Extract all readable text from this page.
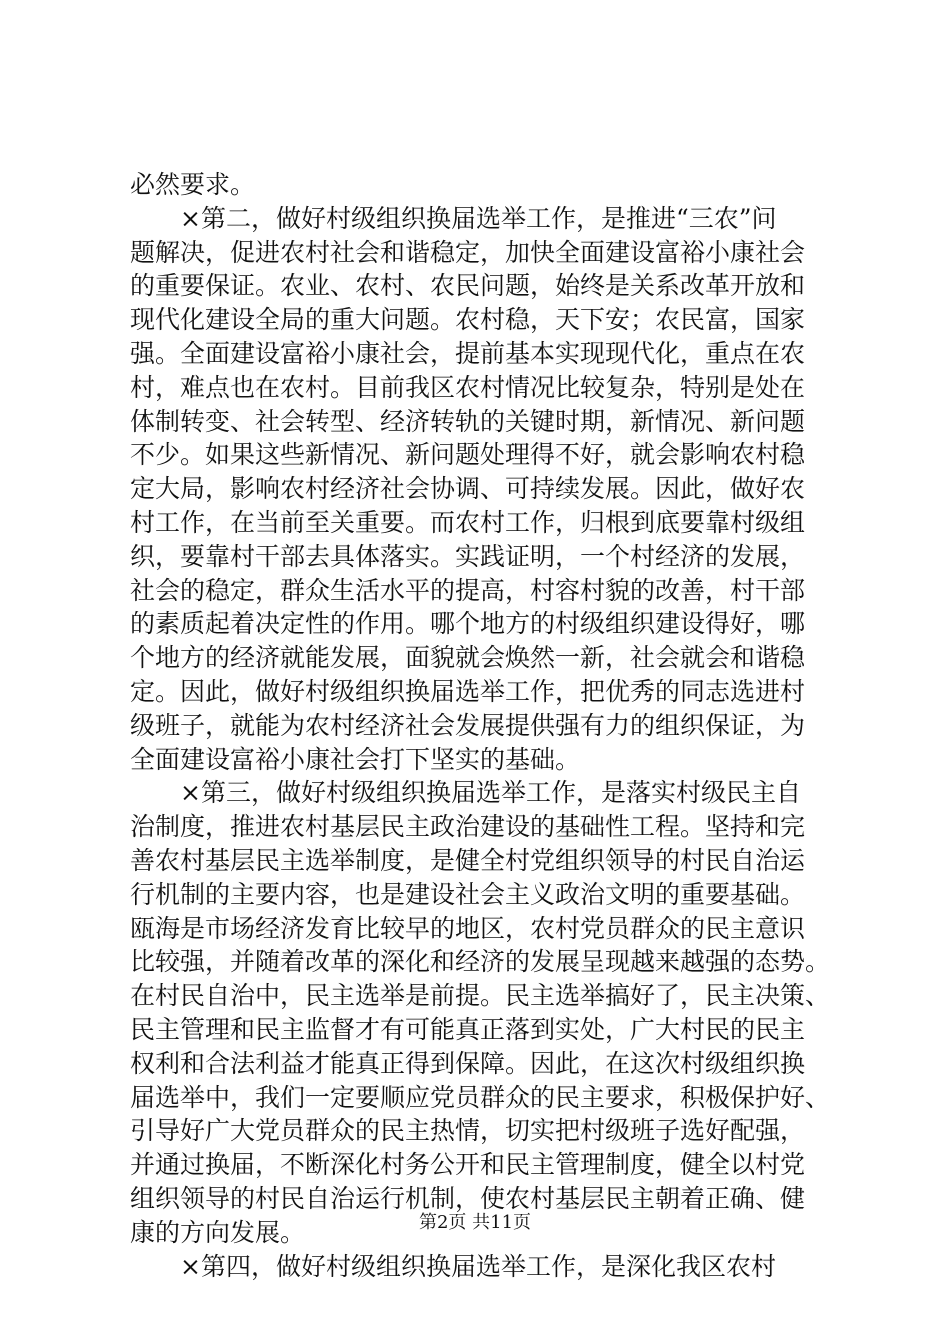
必然要求。
×第二，做好村级组织换届选举工作，是推进“三农”问
题解决，促进农村社会和谐稳定，加快全面建设富裕小康社会
的重要保证。农业、农村、农民问题，始终是关系改革开放和
现代化建设全局的重大问题。农村稳，天下安；农民富，国家
强。全面建设富裕小康社会，提前基本实现现代化，重点在农
村，难点也在农村。目前我区农村情况比较复杂，特别是处在
体制转变、社会转型、经济转轨的关键时期，新情况、新问题
不少。如果这些新情况、新问题处理得不好，就会影响农村稳
定大局，影响农村经济社会协调、可持续发展。因此，做好农
村工作，在当前至关重要。而农村工作，归根到底要靠村级组
织，要靠村干部去具体落实。实践证明，一个村经济的发展，
社会的稳定，群众生活水平的提高，村容村貌的改善，村干部
的素质起着决定性的作用。哪个地方的村级组织建设得好，哪
个地方的经济就能发展，面貌就会焕然一新，社会就会和谐稳
定。因此，做好村级组织换届选举工作，把优秀的同志选进村
级班子，就能为农村经济社会发展提供强有力的组织保证，为
全面建设富裕小康社会打下坚实的基础。
×第三，做好村级组织换届选举工作，是落实村级民主自
治制度，推进农村基层民主政治建设的基础性工程。坚持和完
善农村基层民主选举制度，是健全村党组织领导的村民自治运
行机制的主要内容，也是建设社会主义政治文明的重要基础。
瓯海是市场经济发育比较早的地区，农村党员群众的民主意识
比较强，并随着改革的深化和经济的发展呈现越来越强的态势。
在村民自治中，民主选举是前提。民主选举搞好了，民主决策、
民主管理和民主监督才有可能真正落到实处，广大村民的民主
权利和合法利益才能真正得到保障。因此，在这次村级组织换
届选举中，我们一定要顺应党员群众的民主要求，积极保护好、
引导好广大党员群众的民主热情，切实把村级班子选好配强，
并通过换届，不断深化村务公开和民主管理制度，健全以村党
组织领导的村民自治运行机制，使农村基层民主朝着正确、健
康的方向发展。
×第四，做好村级组织换届选举工作，是深化我区农村
第2页 共11页
